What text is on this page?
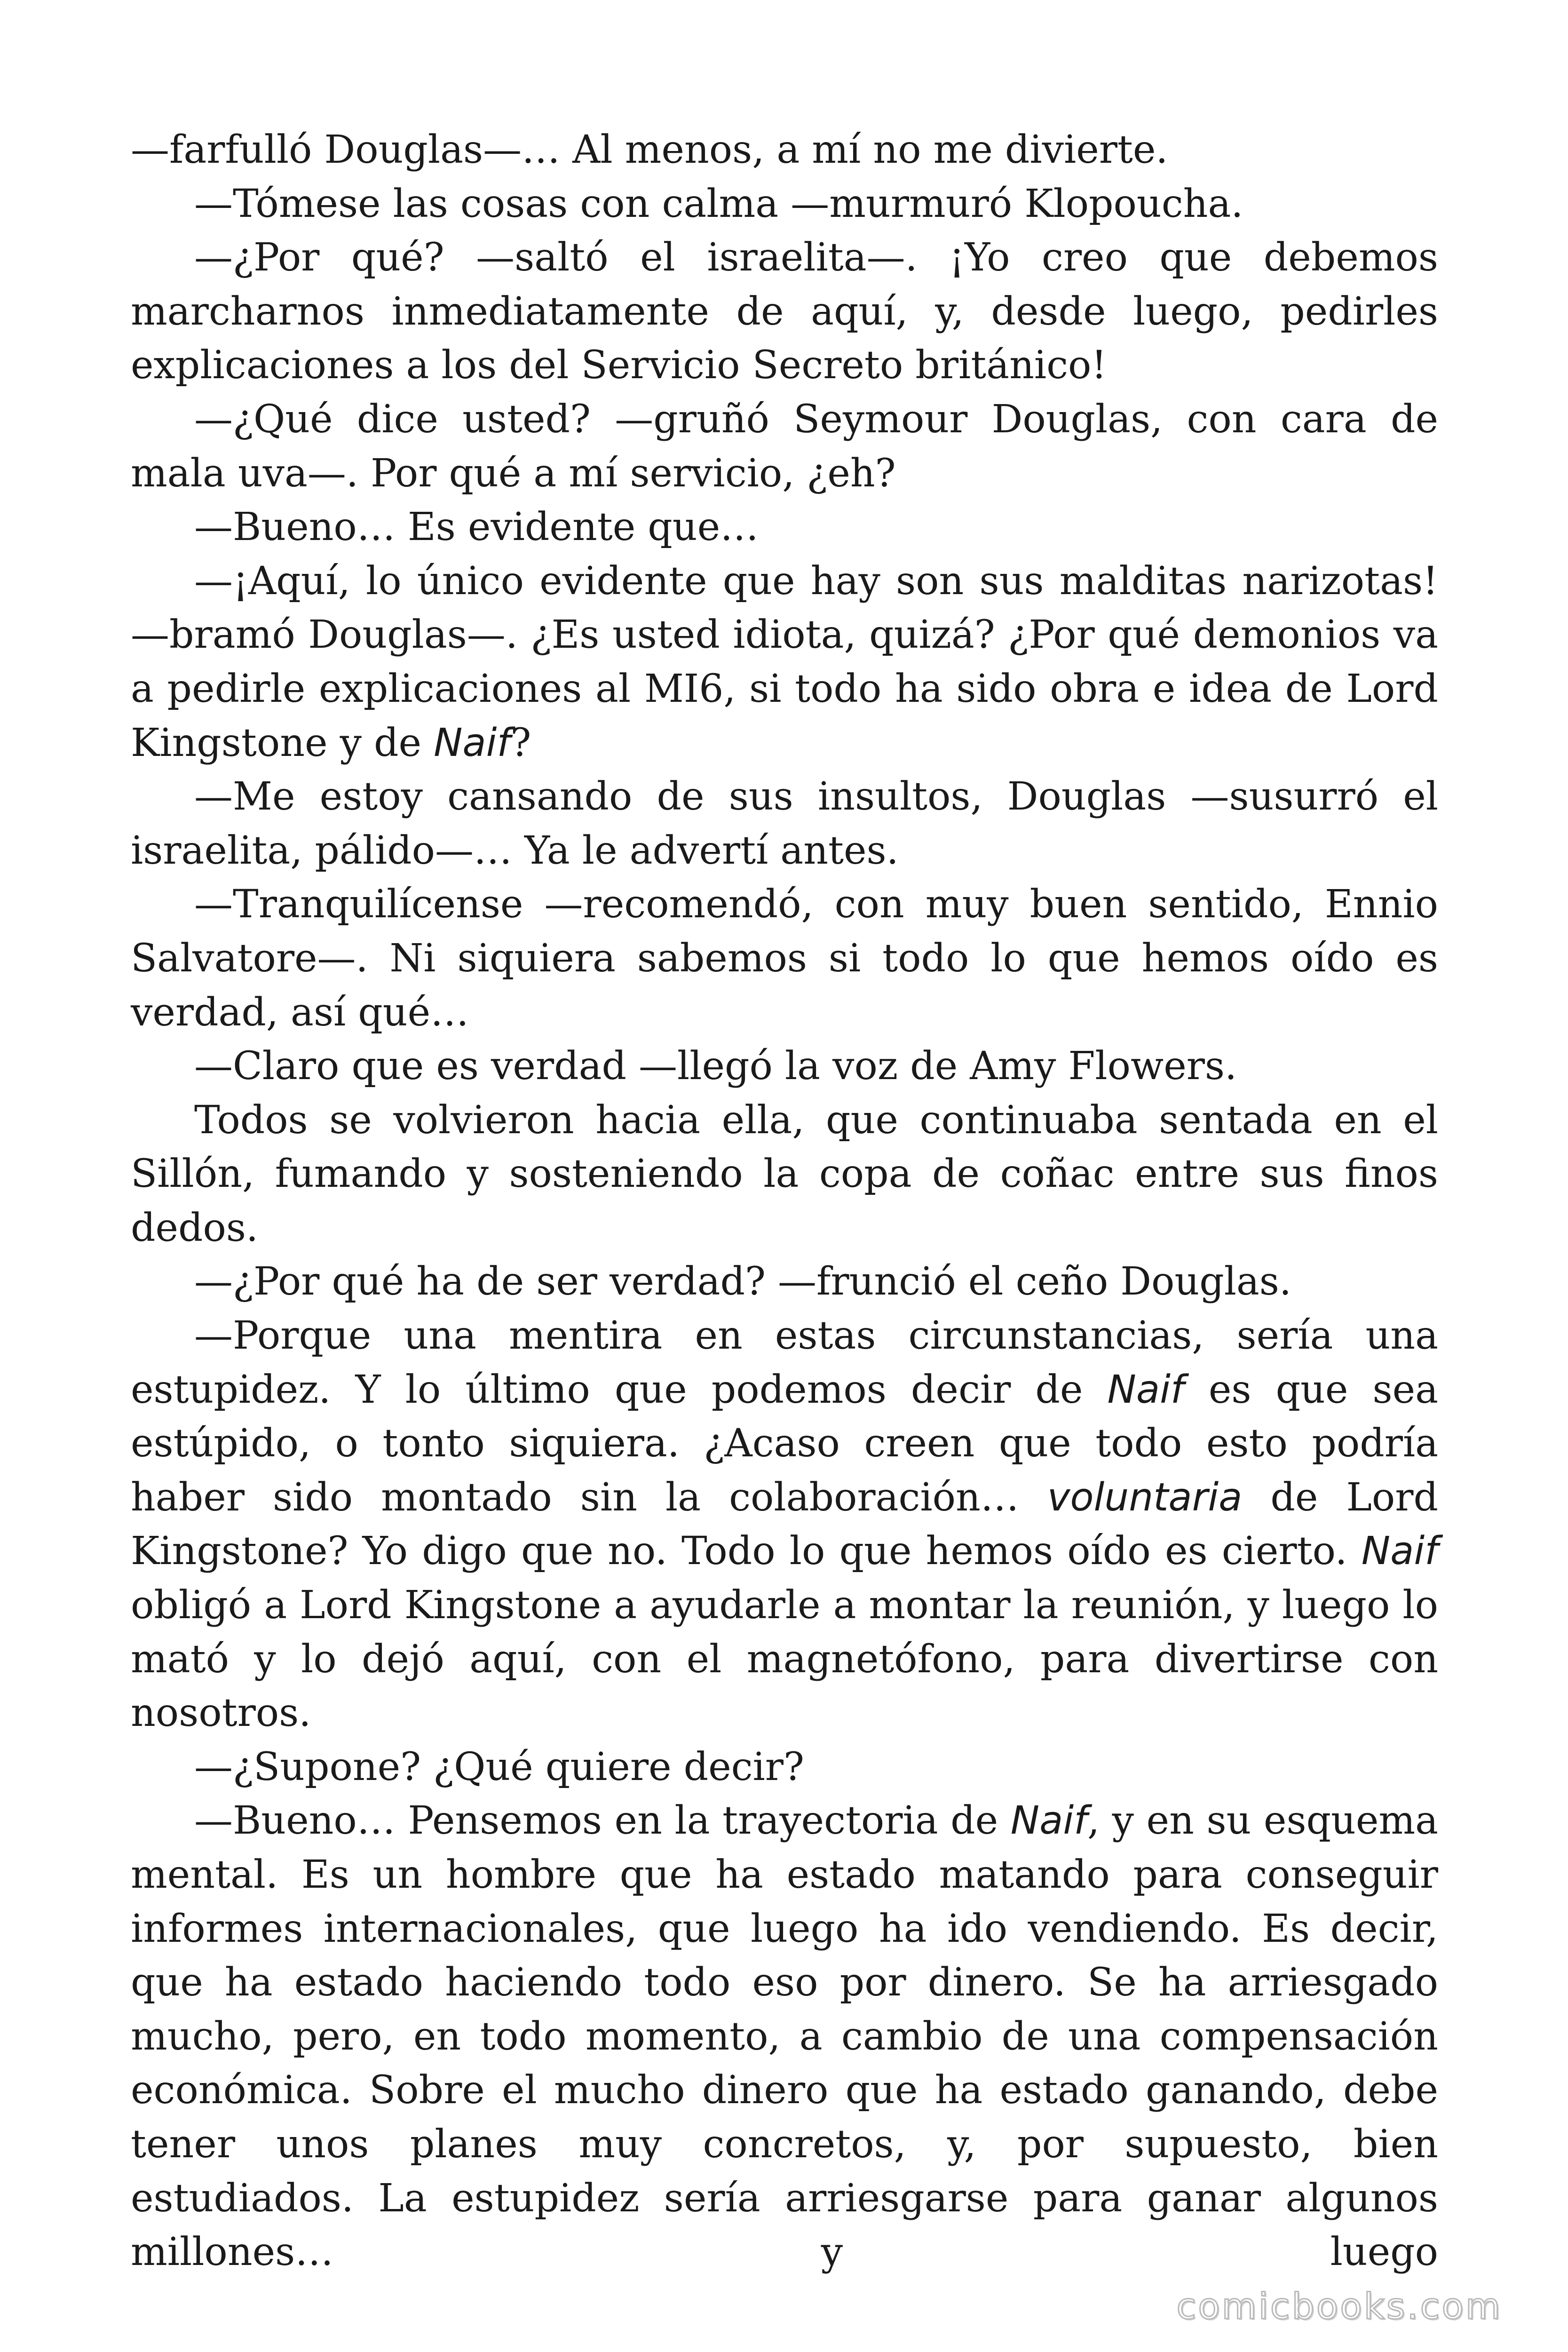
—farfulló Douglas—… Al menos, a mí no me divierte.

—Tómese las cosas con calma —murmuró Klopoucha.

—¿Por qué? —saltó el israelita—. ¡Yo creo que debemos marcharnos inmediatamente de aquí, y, desde luego, pedirles explicaciones a los del Servicio Secreto británico!

—¿Qué dice usted? —gruñó Seymour Douglas, con cara de mala uva—. Por qué a mí servicio, ¿eh?

—Bueno… Es evidente que…

—¡Aquí, lo único evidente que hay son sus malditas narizotas! —bramó Douglas—. ¿Es usted idiota, quizá? ¿Por qué demonios va a pedirle explicaciones al MI6, si todo ha sido obra e idea de Lord Kingstone y de Naif?

—Me estoy cansando de sus insultos, Douglas —susurró el israelita, pálido—… Ya le advertí antes.

—Tranquilícense —recomendó, con muy buen sentido, Ennio Salvatore—. Ni siquiera sabemos si todo lo que hemos oído es verdad, así qué…

—Claro que es verdad —llegó la voz de Amy Flowers.

Todos se volvieron hacia ella, que continuaba sentada en el Sillón, fumando y sosteniendo la copa de coñac entre sus finos dedos.

—¿Por qué ha de ser verdad? —frunció el ceño Douglas.

—Porque una mentira en estas circunstancias, sería una estupidez. Y lo último que podemos decir de Naif es que sea estúpido, o tonto siquiera. ¿Acaso creen que todo esto podría haber sido montado sin la colaboración… voluntaria de Lord Kingstone? Yo digo que no. Todo lo que hemos oído es cierto. Naif obligó a Lord Kingstone a ayudarle a montar la reunión, y luego lo mató y lo dejó aquí, con el magnetófono, para divertirse con nosotros.

—¿Supone? ¿Qué quiere decir?

—Bueno… Pensemos en la trayectoria de Naif, y en su esquema mental. Es un hombre que ha estado matando para conseguir informes internacionales, que luego ha ido vendiendo. Es decir, que ha estado haciendo todo eso por dinero. Se ha arriesgado mucho, pero, en todo momento, a cambio de una compensación económica. Sobre el mucho dinero que ha estado ganando, debe tener unos planes muy concretos, y, por supuesto, bien estudiados. La estupidez sería arriesgarse para ganar algunos millones… y luego

comicbooks.com
